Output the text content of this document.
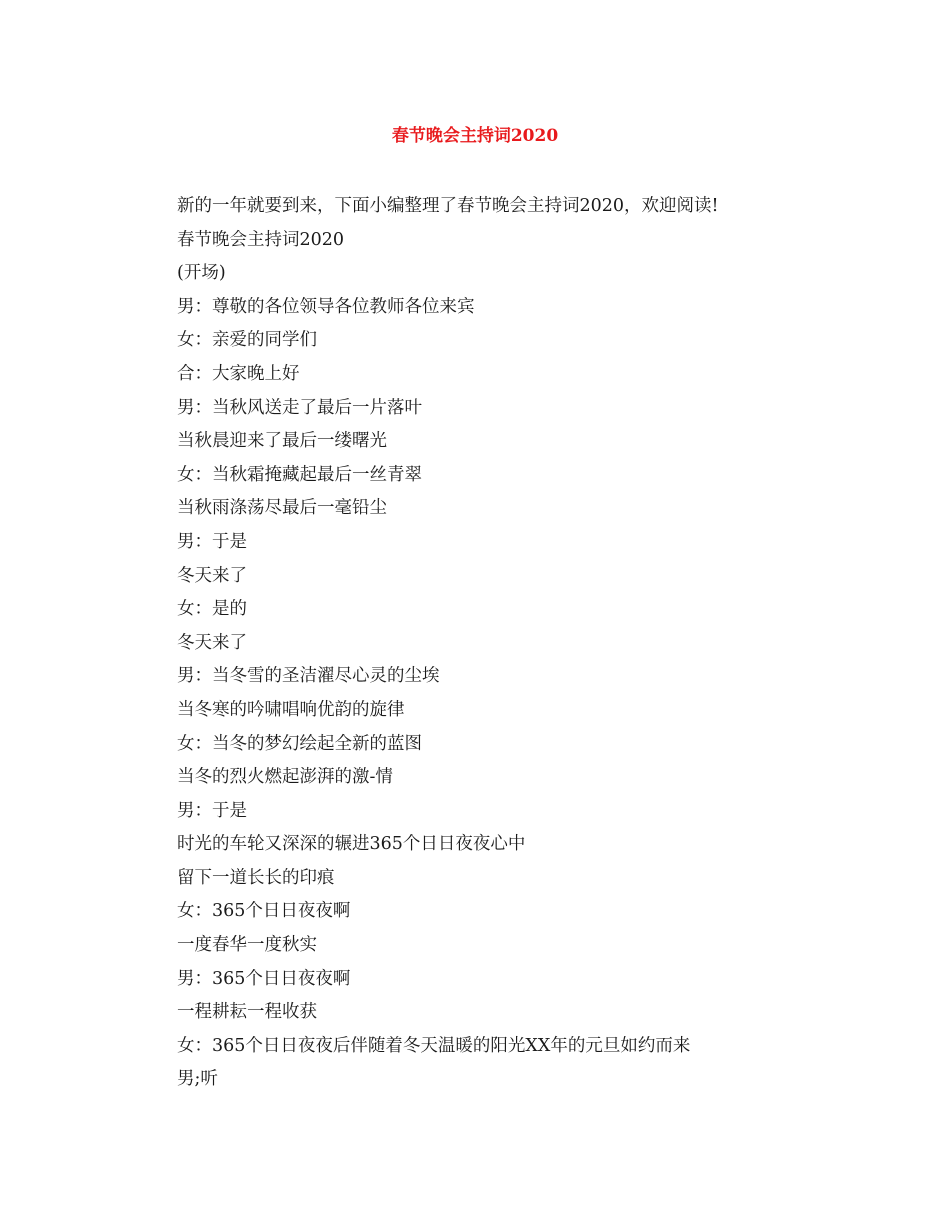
春节晚会主持词2020
新的一年就要到来，下面小编整理了春节晚会主持词2020，欢迎阅读!
春节晚会主持词2020
(开场)
男：尊敬的各位领导各位教师各位来宾
女：亲爱的同学们
合：大家晚上好
男：当秋风送走了最后一片落叶
当秋晨迎来了最后一缕曙光
女：当秋霜掩藏起最后一丝青翠
当秋雨涤荡尽最后一毫铅尘
男：于是
冬天来了
女：是的
冬天来了
男：当冬雪的圣洁濯尽心灵的尘埃
当冬寒的吟啸唱响优韵的旋律
女：当冬的梦幻绘起全新的蓝图
当冬的烈火燃起澎湃的激-情
男：于是
时光的车轮又深深的辗进365个日日夜夜心中
留下一道长长的印痕
女：365个日日夜夜啊
一度春华一度秋实
男：365个日日夜夜啊
一程耕耘一程收获
女：365个日日夜夜后伴随着冬天温暖的阳光XX年的元旦如约而来
男;听
